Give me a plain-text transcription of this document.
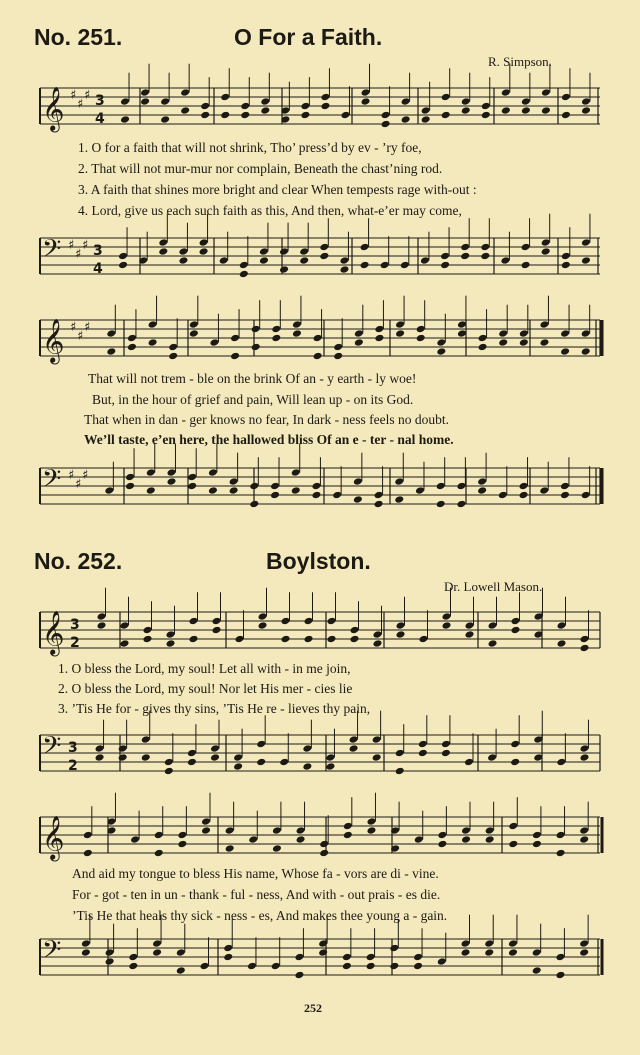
𝄞 ♯
♯
♯ 3
4
𝄢 ♯
♯
♯ 3
4
𝄞 ♯
♯
♯
𝄢 ♯
♯
♯
𝄞 3
2
𝄢 3
2
𝄞
𝄢
No. 251.	O For a Faith.
R. Simpson.
1. O for a faith that will not shrink, Tho’ press’d by ev - ’ry foe,
2. That will not mur-mur nor complain, Beneath the chast’ning rod.
3. A faith that shines more bright and clear When tempests rage with-out :
4. Lord, give us each such faith as this, And then, what-e’er may come,
That will not trem - ble on the brink Of an - y earth - ly woe!
But, in the hour of grief and pain, Will lean up - on its God.
That when in dan - ger knows no fear, In dark - ness feels no doubt.
We’ll taste, e’en here, the hallowed bliss Of an e - ter - nal home.
No. 252.	Boylston.
Dr. Lowell Mason.
1. O bless the Lord, my soul! Let all with - in me join,
2. O bless the Lord, my soul! Nor let His mer - cies lie
3. ’Tis He for - gives thy sins, ’Tis He re - lieves thy pain,
And aid my tongue to bless His name, Whose fa - vors are di - vine.
For - got - ten in un - thank - ful - ness, And with - out prais - es die.
’Tis He that heals thy sick - ness - es, And makes thee young a - gain.
252
